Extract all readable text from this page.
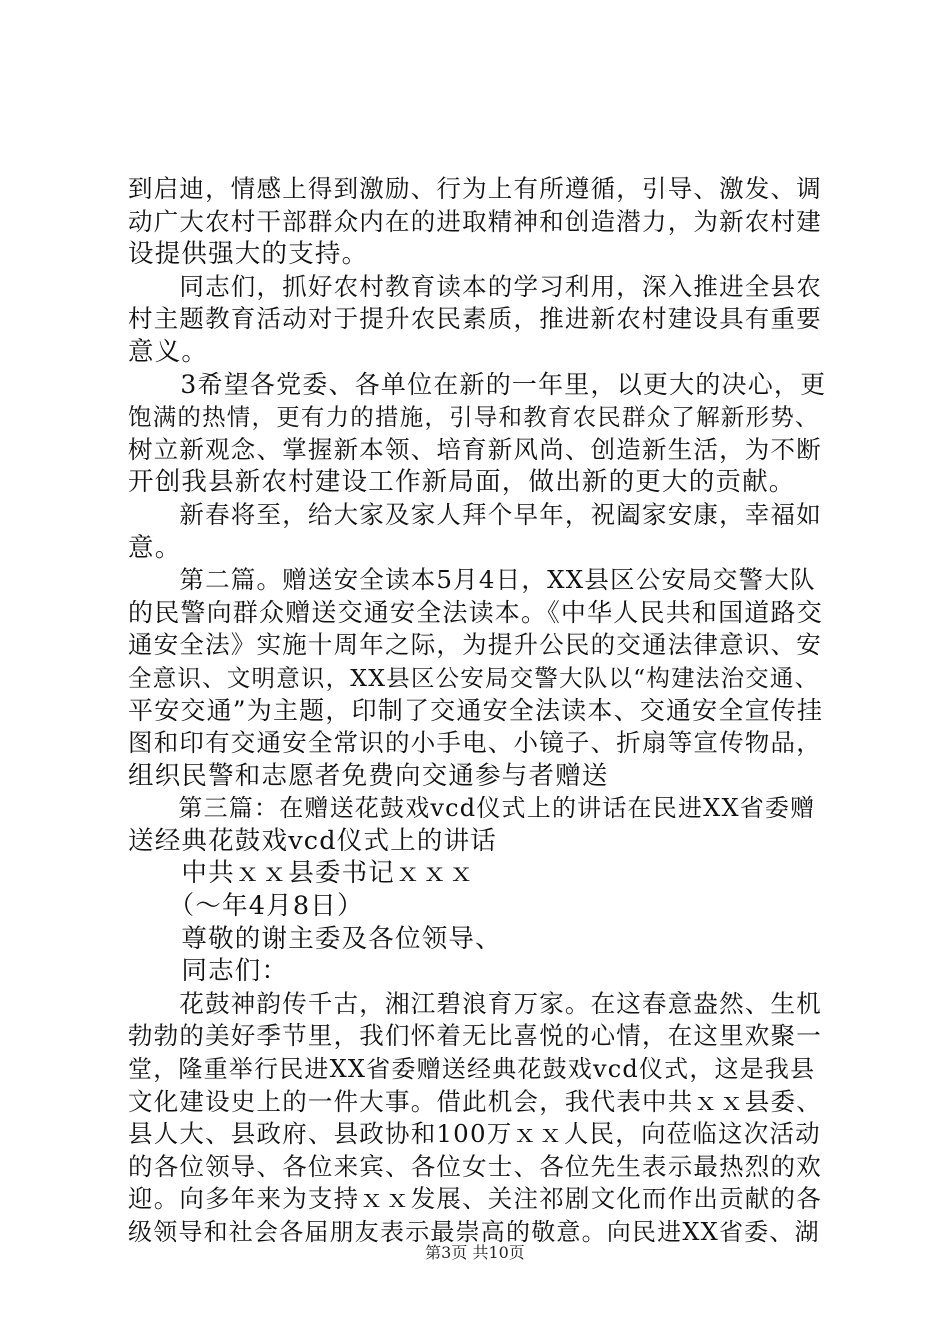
到启迪，情感上得到激励、行为上有所遵循，引导、激发、调
动广大农村干部群众内在的进取精神和创造潜力，为新农村建
设提供强大的支持。
　　同志们，抓好农村教育读本的学习利用，深入推进全县农
村主题教育活动对于提升农民素质，推进新农村建设具有重要
意义。
　　3希望各党委、各单位在新的一年里，以更大的决心，更
饱满的热情，更有力的措施，引导和教育农民群众了解新形势、
树立新观念、掌握新本领、培育新风尚、创造新生活，为不断
开创我县新农村建设工作新局面，做出新的更大的贡献。
　　新春将至，给大家及家人拜个早年，祝阖家安康，幸福如
意。
　　第二篇。赠送安全读本5月4日，XX县区公安局交警大队
的民警向群众赠送交通安全法读本。《中华人民共和国道路交
通安全法》实施十周年之际，为提升公民的交通法律意识、安
全意识、文明意识，XX县区公安局交警大队以“构建法治交通、
平安交通”为主题，印制了交通安全法读本、交通安全宣传挂
图和印有交通安全常识的小手电、小镜子、折扇等宣传物品，
组织民警和志愿者免费向交通参与者赠送
　　第三篇：在赠送花鼓戏vcd仪式上的讲话在民进XX省委赠
送经典花鼓戏vcd仪式上的讲话
　　中共ｘｘ县委书记ｘｘｘ
　　（～年4月8日）
　　尊敬的谢主委及各位领导、
　　同志们：
　　花鼓神韵传千古，湘江碧浪育万家。在这春意盎然、生机
勃勃的美好季节里，我们怀着无比喜悦的心情，在这里欢聚一
堂，隆重举行民进XX省委赠送经典花鼓戏vcd仪式，这是我县
文化建设史上的一件大事。借此机会，我代表中共ｘｘ县委、
县人大、县政府、县政协和100万ｘｘ人民，向莅临这次活动
的各位领导、各位来宾、各位女士、各位先生表示最热烈的欢
迎。向多年来为支持ｘｘ发展、关注祁剧文化而作出贡献的各
级领导和社会各届朋友表示最崇高的敬意。向民进XX省委、湖
第3页 共10页
